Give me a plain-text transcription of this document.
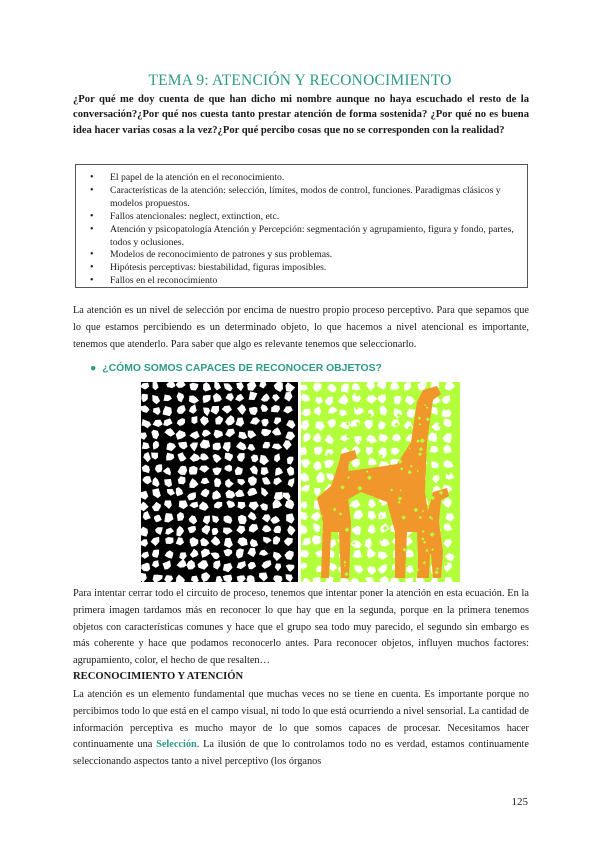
TEMA 9: ATENCIÓN Y RECONOCIMIENTO
¿Por qué me doy cuenta de que han dicho mi nombre aunque no haya escuchado el resto de la conversación?¿Por qué nos cuesta tanto prestar atención de forma sostenida? ¿Por qué no es buena idea hacer varias cosas a la vez?¿Por qué percibo cosas que no se corresponden con la realidad?
• El papel de la atención en el reconocimiento.
• Características de la atención: selección, límites, modos de control, funciones. Paradigmas clásicos y modelos propuestos.
• Fallos atencionales: neglect, extinction, etc.
• Atención y psicopatología Atención y Percepción: segmentación y agrupamiento, figura y fondo, partes, todos y oclusiones.
• Modelos de reconocimiento de patrones y sus problemas.
• Hipótesis perceptivas: biestabilidad, figuras imposibles.
• Fallos en el reconocimiento
La atención es un nivel de selección por encima de nuestro propio proceso perceptivo. Para que sepamos que lo que estamos percibiendo es un determinado objeto, lo que hacemos a nivel atencional es importante, tenemos que atenderlo. Para saber que algo es relevante tenemos que seleccionarlo.
● ¿CÓMO SOMOS CAPACES DE RECONOCER OBJETOS?
Para intentar cerrar todo el circuito de proceso, tenemos que intentar poner la atención en esta ecuación. En la primera imagen tardamos más en reconocer lo que hay que en la segunda, porque en la primera tenemos objetos con características comunes y hace que el grupo sea todo muy parecido, el segundo sin embargo es más coherente y hace que podamos reconocerlo antes. Para reconocer objetos, influyen muchos factores: agrupamiento, color, el hecho de que resalten…
RECONOCIMIENTO Y ATENCIÓN
La atención es un elemento fundamental que muchas veces no se tiene en cuenta. Es importante porque no percibimos todo lo que está en el campo visual, ni todo lo que está ocurriendo a nivel sensorial. La cantidad de información perceptiva es mucho mayor de lo que somos capaces de procesar. Necesitamos hacer continuamente una Selección. La ilusión de que lo controlamos todo no es verdad, estamos continuamente seleccionando aspectos tanto a nivel perceptivo (los órganos
125
